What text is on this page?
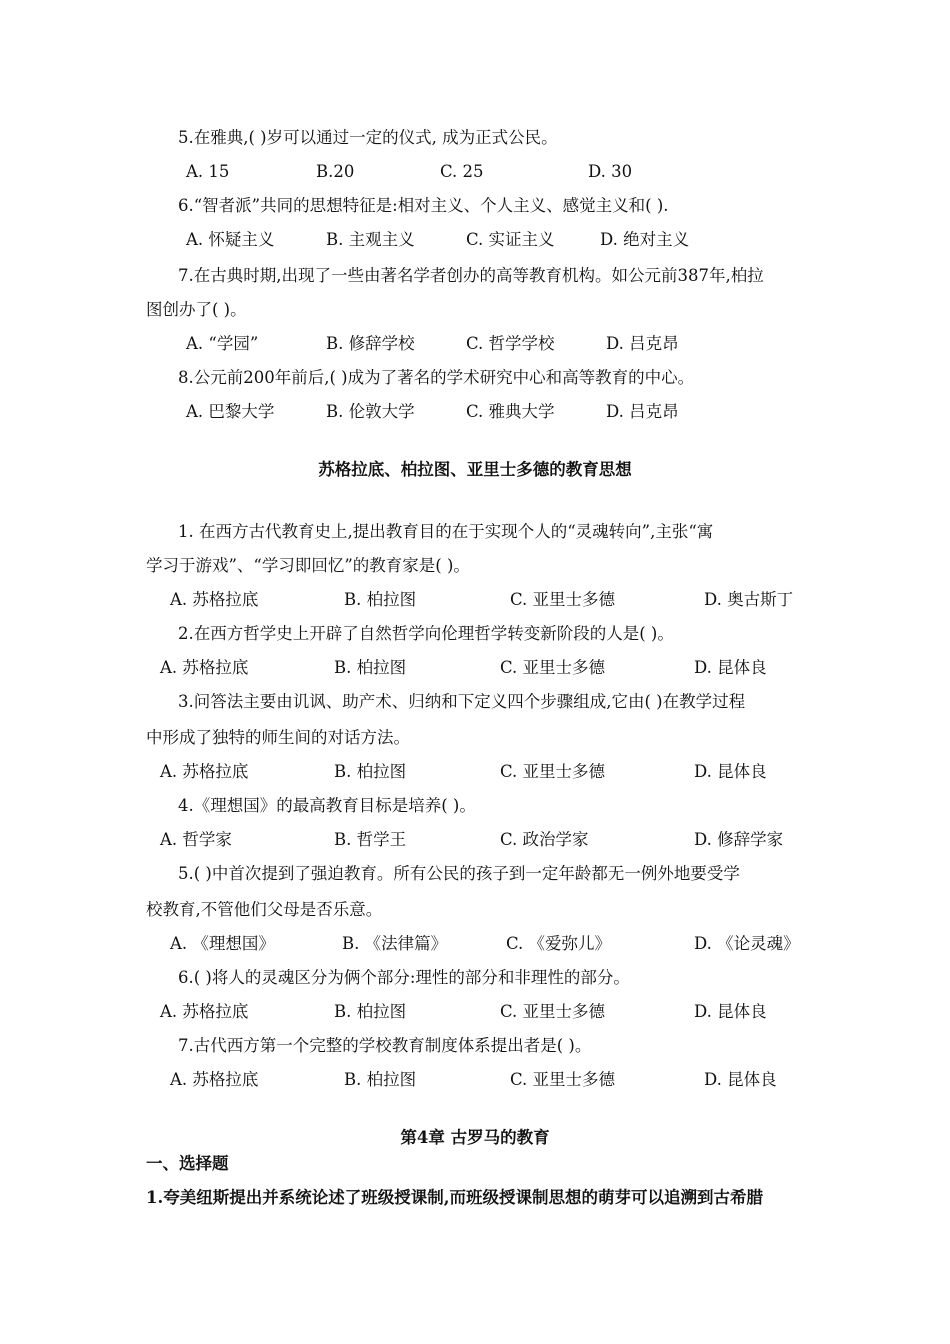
5.在雅典,( )岁可以通过一定的仪式, 成为正式公民。
A. 15	B.20	C. 25	D. 30
6.“智者派”共同的思想特征是:相对主义、个人主义、感觉主义和( ).
A. 怀疑主义	B. 主观主义	C. 实证主义	D. 绝对主义
7.在古典时期,出现了一些由著名学者创办的高等教育机构。如公元前387年,柏拉
图创办了( )。
A. “学园”	B. 修辞学校	C. 哲学学校	D. 吕克昂
8.公元前200年前后,( )成为了著名的学术研究中心和高等教育的中心。
A. 巴黎大学	B. 伦敦大学	C. 雅典大学	D. 吕克昂
苏格拉底、柏拉图、亚里士多德的教育思想
1. 在西方古代教育史上,提出教育目的在于实现个人的“灵魂转向”,主张“寓
学习于游戏”、“学习即回忆”的教育家是( )。
A. 苏格拉底	B. 柏拉图	C. 亚里士多德	D. 奥古斯丁
2.在西方哲学史上开辟了自然哲学向伦理哲学转变新阶段的人是( )。
A. 苏格拉底	B. 柏拉图	C. 亚里士多德	D. 昆体良
3.问答法主要由讥讽、助产术、归纳和下定义四个步骤组成,它由( )在教学过程
中形成了独特的师生间的对话方法。
A. 苏格拉底	B. 柏拉图	C. 亚里士多德	D. 昆体良
4.《理想国》的最高教育目标是培养( )。
A. 哲学家	B. 哲学王	C. 政治学家	D. 修辞学家
5.( )中首次提到了强迫教育。所有公民的孩子到一定年龄都无一例外地要受学
校教育,不管他们父母是否乐意。
A. 《理想国》	B. 《法律篇》	C. 《爱弥儿》	D. 《论灵魂》
6.( )将人的灵魂区分为俩个部分:理性的部分和非理性的部分。
A. 苏格拉底	B. 柏拉图	C. 亚里士多德	D. 昆体良
7.古代西方第一个完整的学校教育制度体系提出者是( )。
A. 苏格拉底	B. 柏拉图	C. 亚里士多德	D. 昆体良
第4章 古罗马的教育
一、选择题
1.夸美纽斯提出并系统论述了班级授课制,而班级授课制思想的萌芽可以追溯到古希腊
